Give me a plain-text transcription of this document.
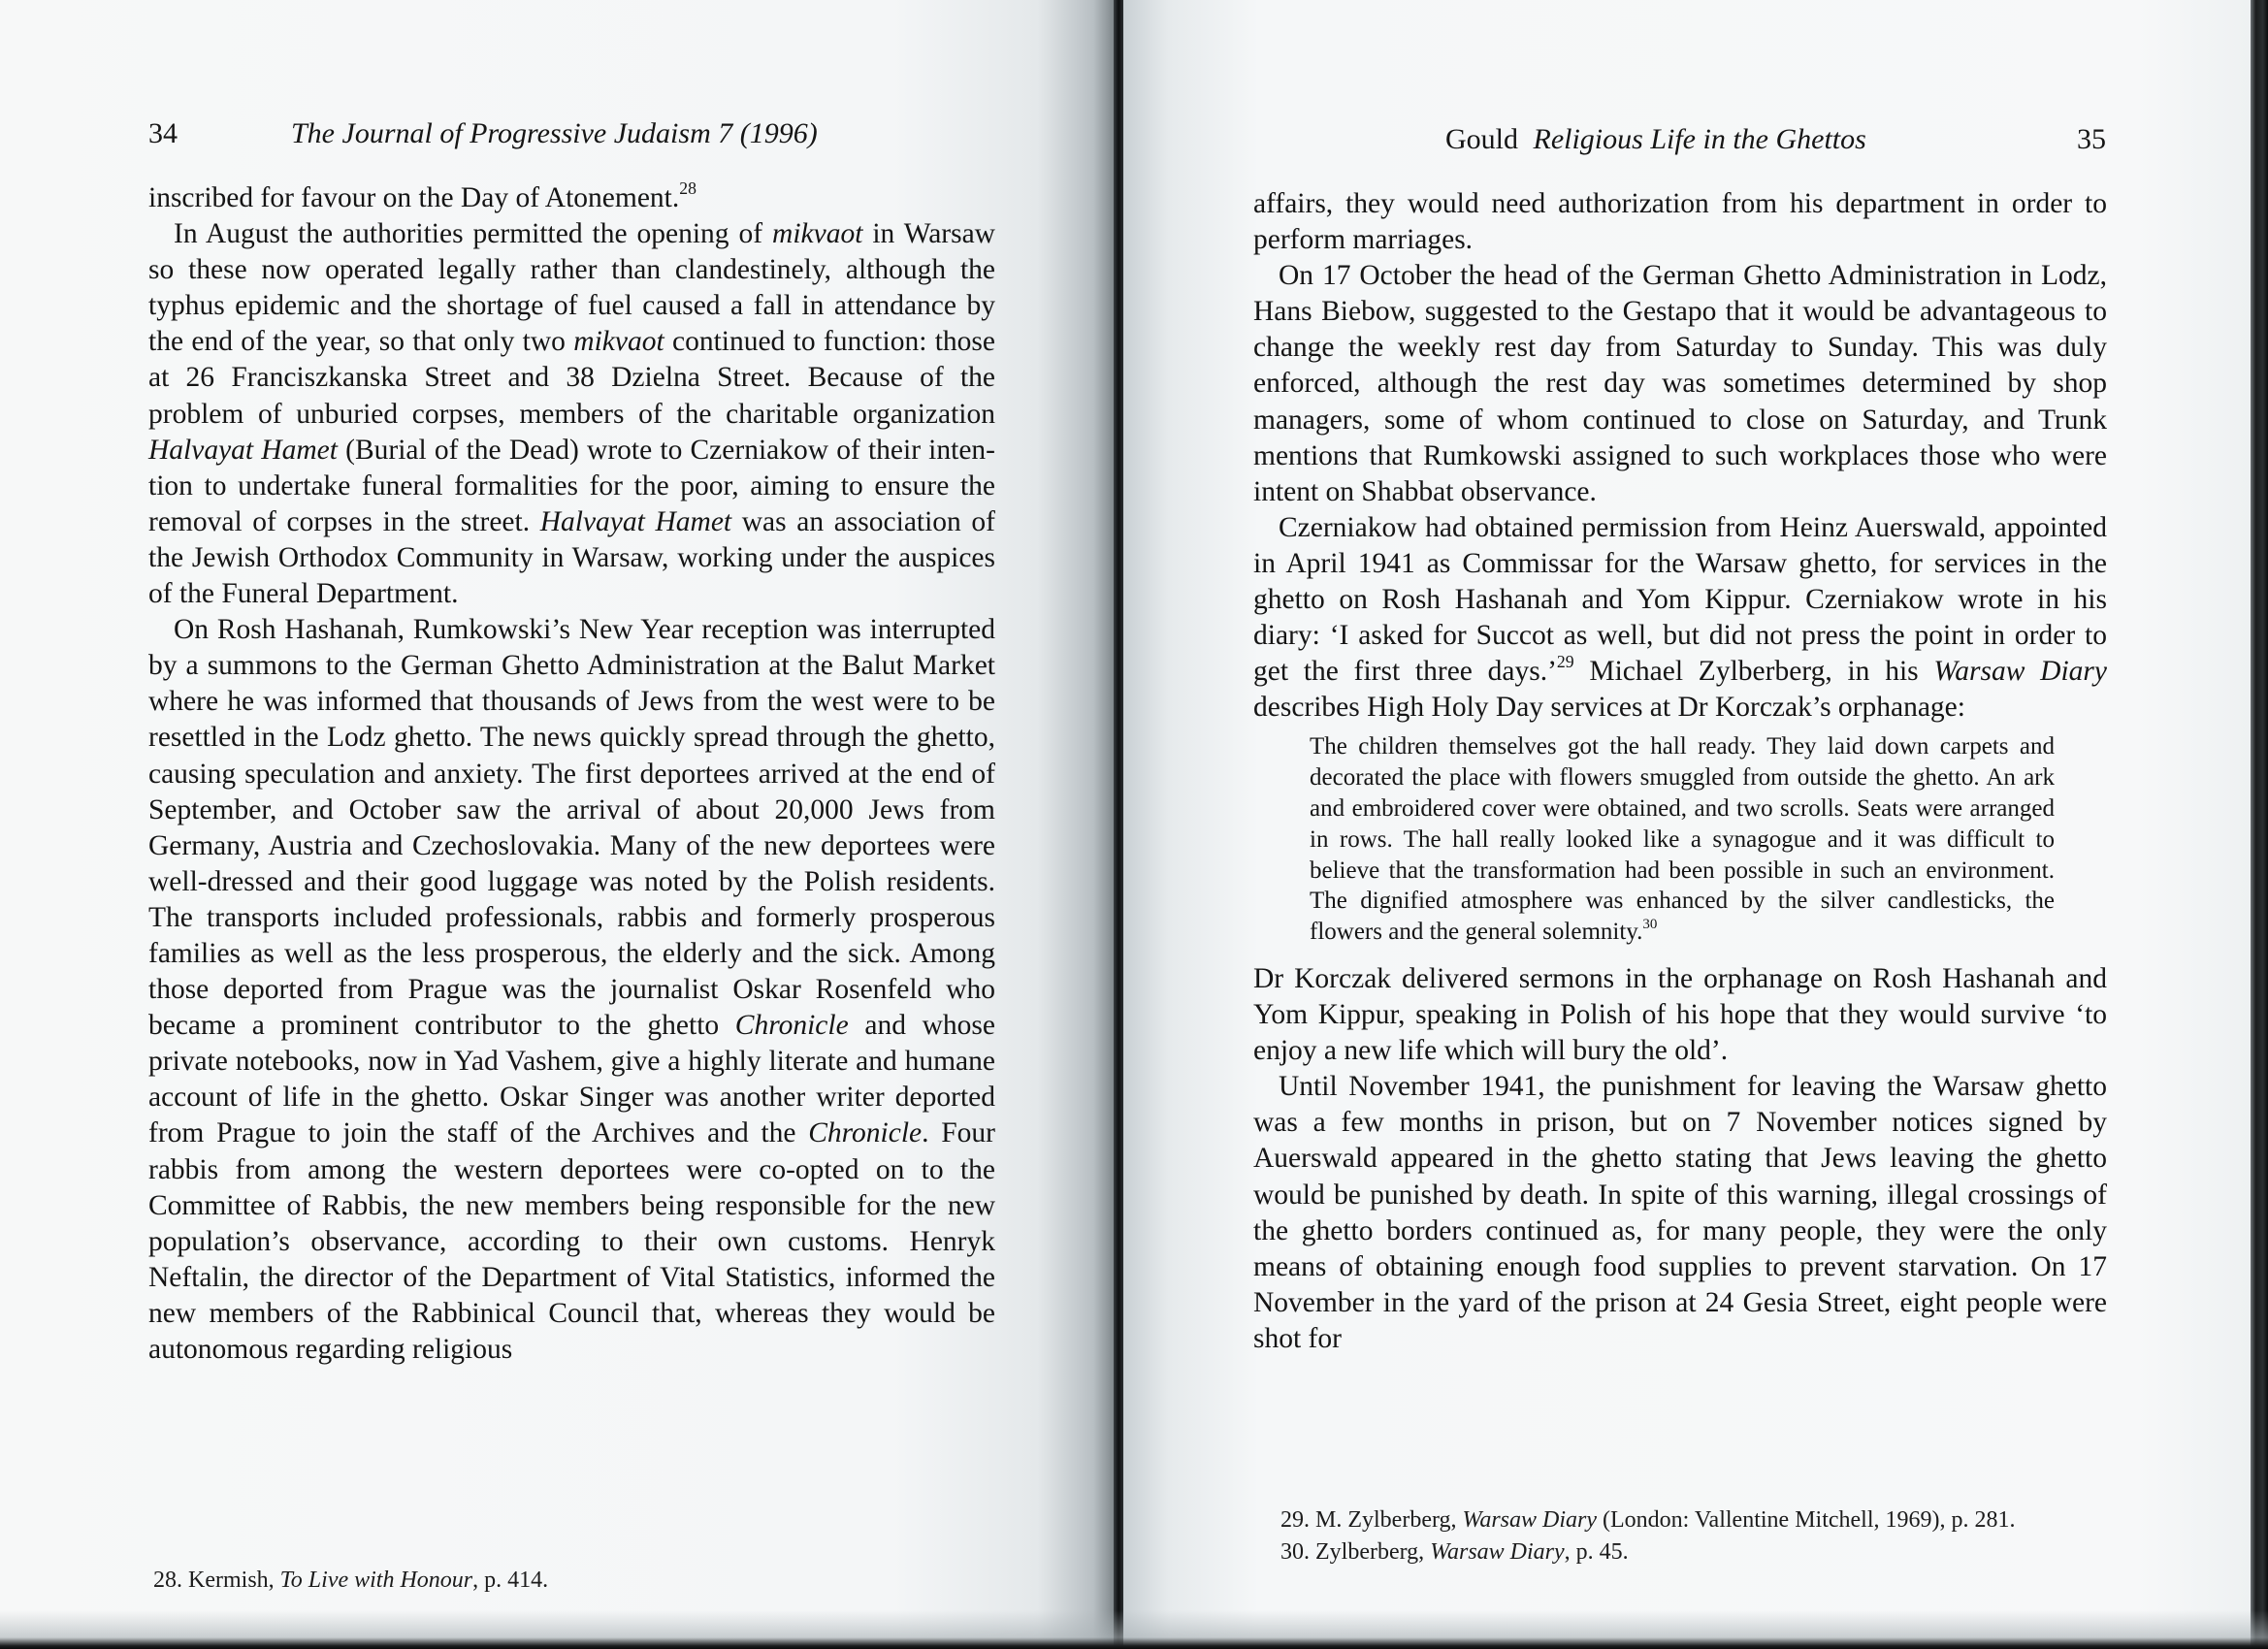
34	The Journal of Progressive Judaism 7 (1996)

inscribed for favour on the Day of Atonement.$^{28}$

In August the authorities permitted the opening of mikvaot in Warsaw so these now operated legally rather than clandestinely, although the typhus epidemic and the shortage of fuel caused a fall in attendance by the end of the year, so that only two mikvaot continued to function: those at 26 Franciszkanska Street and 38 Dzielna Street. Because of the problem of unburied corpses, members of the charitable organization Halvayat Hamet (Burial of the Dead) wrote to Czerniakow of their intention to undertake funeral formalities for the poor, aiming to ensure the removal of corpses in the street. Halvayat Hamet was an association of the Jewish Orthodox Community in Warsaw, working under the auspices of the Funeral Department.

On Rosh Hashanah, Rumkowski’s New Year reception was interrupted by a summons to the German Ghetto Administration at the Balut Market where he was informed that thousands of Jews from the west were to be resettled in the Lodz ghetto. The news quickly spread through the ghetto, causing speculation and anxiety. The first deportees arrived at the end of September, and October saw the arrival of about 20,000 Jews from Germany, Austria and Czechoslovakia. Many of the new deportees were well-dressed and their good luggage was noted by the Polish residents. The transports included professionals, rabbis and formerly prosperous families as well as the less prosperous, the elderly and the sick. Among those deported from Prague was the journalist Oskar Rosenfeld who became a prominent contributor to the ghetto Chronicle and whose private notebooks, now in Yad Vashem, give a highly literate and humane account of life in the ghetto. Oskar Singer was another writer deported from Prague to join the staff of the Archives and the Chronicle. Four rabbis from among the western deportees were co-opted on to the Committee of Rabbis, the new members being responsible for the new population’s observance, according to their own customs. Henryk Neftalin, the director of the Department of Vital Statistics, informed the new members of the Rabbinical Council that, whereas they would be autonomous regarding religious

28. Kermish, To Live with Honour, p. 414.

Gould Religious Life in the Ghettos	35

affairs, they would need authorization from his department in order to perform marriages.

On 17 October the head of the German Ghetto Administration in Lodz, Hans Biebow, suggested to the Gestapo that it would be advantageous to change the weekly rest day from Saturday to Sunday. This was duly enforced, although the rest day was sometimes determined by shop managers, some of whom continued to close on Saturday, and Trunk mentions that Rumkowski assigned to such workplaces those who were intent on Shabbat observance.

Czerniakow had obtained permission from Heinz Auerswald, appointed in April 1941 as Commissar for the Warsaw ghetto, for services in the ghetto on Rosh Hashanah and Yom Kippur. Czerniakow wrote in his diary: ‘I asked for Succot as well, but did not press the point in order to get the first three days.’$^{29}$ Michael Zylberberg, in his Warsaw Diary describes High Holy Day services at Dr Korczak’s orphanage:

The children themselves got the hall ready. They laid down carpets and decorated the place with flowers smuggled from outside the ghetto. An ark and embroidered cover were obtained, and two scrolls. Seats were arranged in rows. The hall really looked like a synagogue and it was difficult to believe that the transformation had been possible in such an environment. The dignified atmosphere was enhanced by the silver candlesticks, the flowers and the general solemnity.$^{30}$

Dr Korczak delivered sermons in the orphanage on Rosh Hashanah and Yom Kippur, speaking in Polish of his hope that they would survive ‘to enjoy a new life which will bury the old’.

Until November 1941, the punishment for leaving the Warsaw ghetto was a few months in prison, but on 7 November notices signed by Auerswald appeared in the ghetto stating that Jews leaving the ghetto would be punished by death. In spite of this warning, illegal crossings of the ghetto borders continued as, for many people, they were the only means of obtaining enough food supplies to prevent starvation. On 17 November in the yard of the prison at 24 Gesia Street, eight people were shot for

29. M. Zylberberg, Warsaw Diary (London: Vallentine Mitchell, 1969), p. 281.

30. Zylberberg, Warsaw Diary, p. 45.
